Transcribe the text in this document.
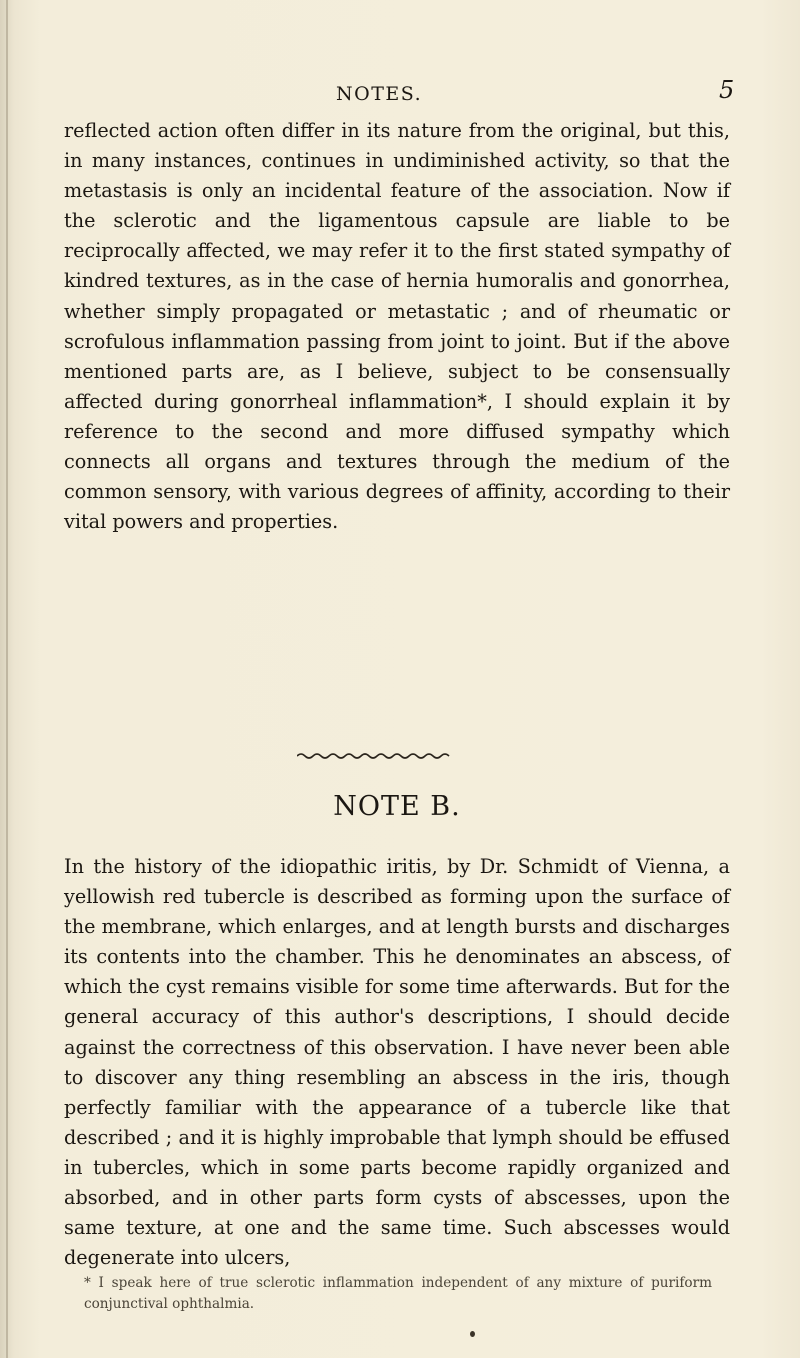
NOTES.	5

reflected action often differ in its nature from the original, but this, in many instances, continues in undiminished activity, so that the metastasis is only an incidental feature of the association. Now if the sclerotic and the ligamentous capsule are liable to be reciprocally affected, we may refer it to the first stated sympathy of kindred textures, as in the case of hernia humoralis and gonorrhea, whether simply propagated or metastatic ; and of rheumatic or scrofulous inflammation passing from joint to joint. But if the above mentioned parts are, as I believe, subject to be consensually affected during gonorrheal inflammation*, I should explain it by reference to the second and more diffused sympathy which connects all organs and textures through the medium of the common sensory, with various degrees of affinity, according to their vital powers and properties.

NOTE B.

In the history of the idiopathic iritis, by Dr. Schmidt of Vienna, a yellowish red tubercle is described as forming upon the surface of the membrane, which enlarges, and at length bursts and discharges its contents into the chamber. This he denominates an abscess, of which the cyst remains visible for some time afterwards. But for the general accuracy of this author's descriptions, I should decide against the correctness of this observation. I have never been able to discover any thing resembling an abscess in the iris, though perfectly familiar with the appearance of a tubercle like that described ; and it is highly improbable that lymph should be effused in tubercles, which in some parts become rapidly organized and absorbed, and in other parts form cysts of abscesses, upon the same texture, at one and the same time. Such abscesses would degenerate into ulcers,

* I speak here of true sclerotic inflammation independent of any mixture of puriform conjunctival ophthalmia.
